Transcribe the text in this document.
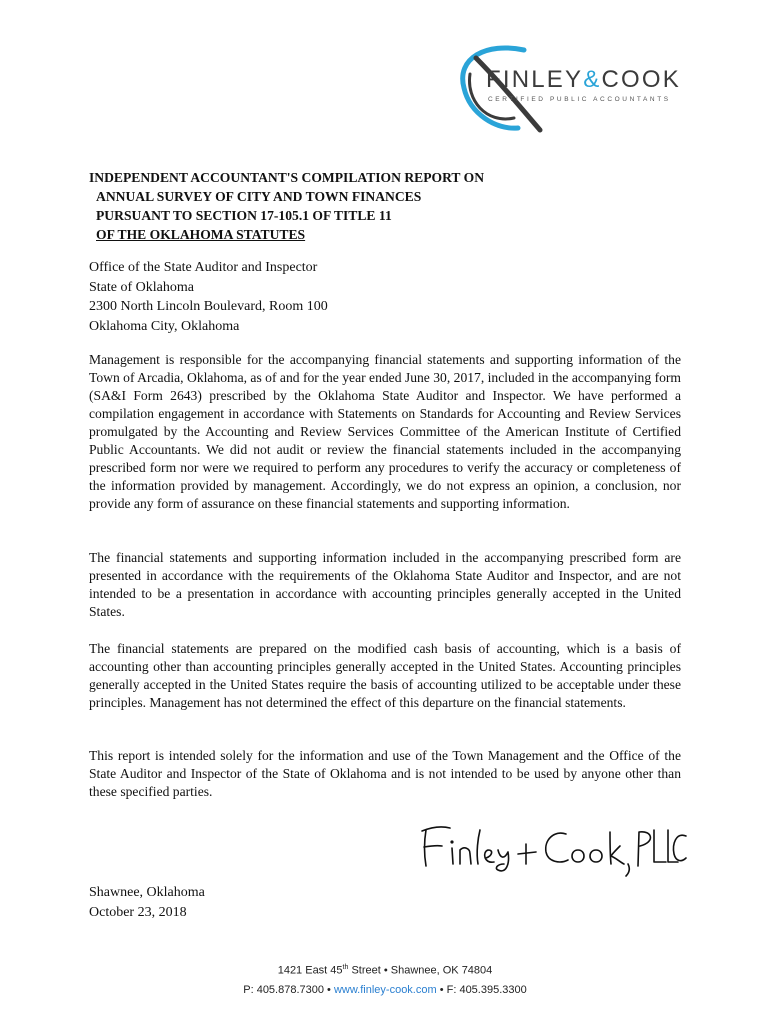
FINLEY&COOK
CERTIFIED PUBLIC ACCOUNTANTS
INDEPENDENT ACCOUNTANT'S COMPILATION REPORT ON
ANNUAL SURVEY OF CITY AND TOWN FINANCES
PURSUANT TO SECTION 17-105.1 OF TITLE 11
OF THE OKLAHOMA STATUTES
Office of the State Auditor and Inspector
State of Oklahoma
2300 North Lincoln Boulevard, Room 100
Oklahoma City, Oklahoma

Management is responsible for the accompanying financial statements and supporting information of the Town of Arcadia, Oklahoma, as of and for the year ended June 30, 2017, included in the accompanying form (SA&I Form 2643) prescribed by the Oklahoma State Auditor and Inspector. We have performed a compilation engagement in accordance with Statements on Standards for Accounting and Review Services promulgated by the Accounting and Review Services Committee of the American Institute of Certified Public Accountants. We did not audit or review the financial statements included in the accompanying prescribed form nor were we required to perform any procedures to verify the accuracy or completeness of the information provided by management. Accordingly, we do not express an opinion, a conclusion, nor provide any form of assurance on these financial statements and supporting information.

The financial statements and supporting information included in the accompanying prescribed form are presented in accordance with the requirements of the Oklahoma State Auditor and Inspector, and are not intended to be a presentation in accordance with accounting principles generally accepted in the United States.

The financial statements are prepared on the modified cash basis of accounting, which is a basis of accounting other than accounting principles generally accepted in the United States. Accounting principles generally accepted in the United States require the basis of accounting utilized to be acceptable under these principles. Management has not determined the effect of this departure on the financial statements.

This report is intended solely for the information and use of the Town Management and the Office of the State Auditor and Inspector of the State of Oklahoma and is not intended to be used by anyone other than these specified parties.

Shawnee, Oklahoma
October 23, 2018
1421 East 45th Street • Shawnee, OK 74804
P: 405.878.7300 • www.finley-cook.com • F: 405.395.3300
